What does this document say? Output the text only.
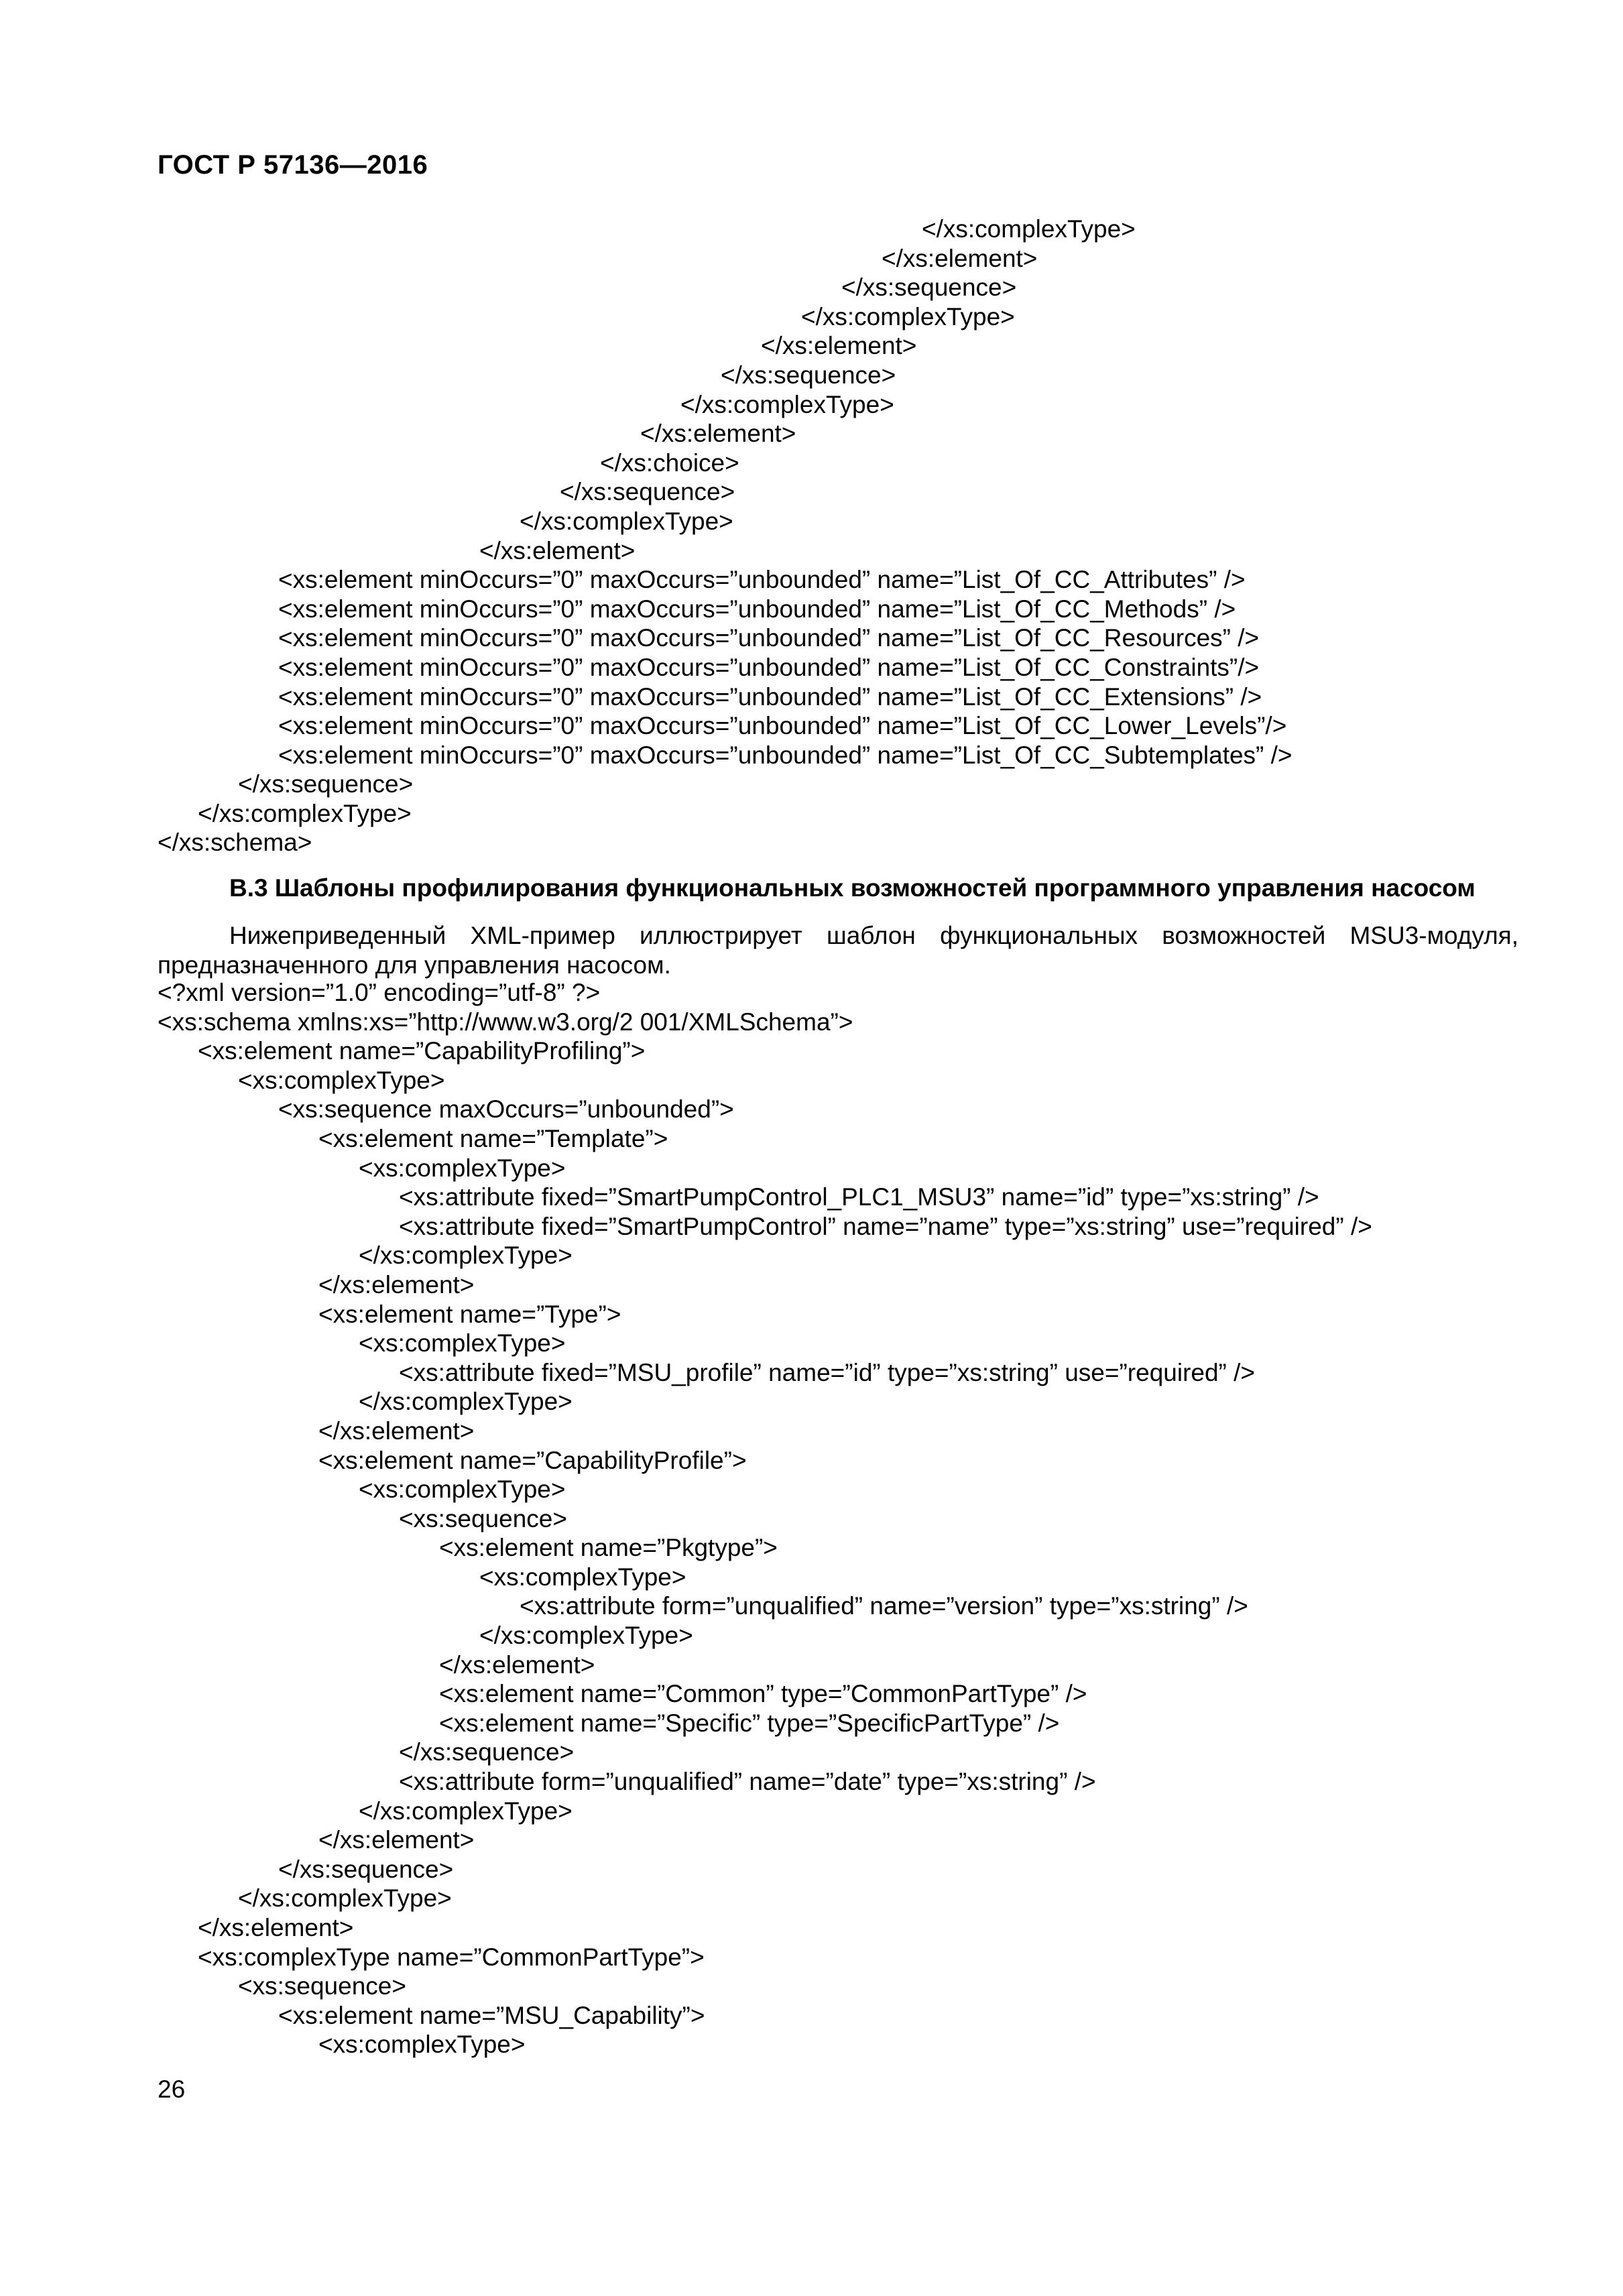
ГОСТ Р 57136—2016
</xs:complexType>
</xs:element>
</xs:sequence>
</xs:complexType>
</xs:element>
</xs:sequence>
</xs:complexType>
</xs:element>
</xs:choice>
</xs:sequence>
</xs:complexType>
</xs:element>
<xs:element minOccurs=”0” maxOccurs=”unbounded” name=”List_Of_CC_Attributes” />
<xs:element minOccurs=”0” maxOccurs=”unbounded” name=”List_Of_CC_Methods” />
<xs:element minOccurs=”0” maxOccurs=”unbounded” name=”List_Of_CC_Resources” />
<xs:element minOccurs=”0” maxOccurs=”unbounded” name=”List_Of_CC_Constraints”/>
<xs:element minOccurs=”0” maxOccurs=”unbounded” name=”List_Of_CC_Extensions” />
<xs:element minOccurs=”0” maxOccurs=”unbounded” name=”List_Of_CC_Lower_Levels”/>
<xs:element minOccurs=”0” maxOccurs=”unbounded” name=”List_Of_CC_Subtemplates” />
</xs:sequence>
</xs:complexType>
</xs:schema>
В.3 Шаблоны профилирования функциональных возможностей программного управления насосом
Нижеприведенный XML-пример иллюстрирует шаблон функциональных возможностей MSU3-модуля, предназначенного для управления насосом.
<?xml version=”1.0” encoding=”utf-8” ?>
<xs:schema xmlns:xs=”http://www.w3.org/2 001/XMLSchema”>
<xs:element name=”CapabilityProfiling”>
<xs:complexType>
<xs:sequence maxOccurs=”unbounded”>
<xs:element name=”Template”>
<xs:complexType>
<xs:attribute fixed=”SmartPumpControl_PLC1_MSU3” name=”id” type=”xs:string” />
<xs:attribute fixed=”SmartPumpControl” name=”name” type=”xs:string” use=”required” />
</xs:complexType>
</xs:element>
<xs:element name=”Type”>
<xs:complexType>
<xs:attribute fixed=”MSU_profile” name=”id” type=”xs:string” use=”required” />
</xs:complexType>
</xs:element>
<xs:element name=”CapabilityProfile”>
<xs:complexType>
<xs:sequence>
<xs:element name=”Pkgtype”>
<xs:complexType>
<xs:attribute form=”unqualified” name=”version” type=”xs:string” />
</xs:complexType>
</xs:element>
<xs:element name=”Common” type=”CommonPartType” />
<xs:element name=”Specific” type=”SpecificPartType” />
</xs:sequence>
<xs:attribute form=”unqualified” name=”date” type=”xs:string” />
</xs:complexType>
</xs:element>
</xs:sequence>
</xs:complexType>
</xs:element>
<xs:complexType name=”CommonPartType”>
<xs:sequence>
<xs:element name=”MSU_Capability”>
<xs:complexType>
26
